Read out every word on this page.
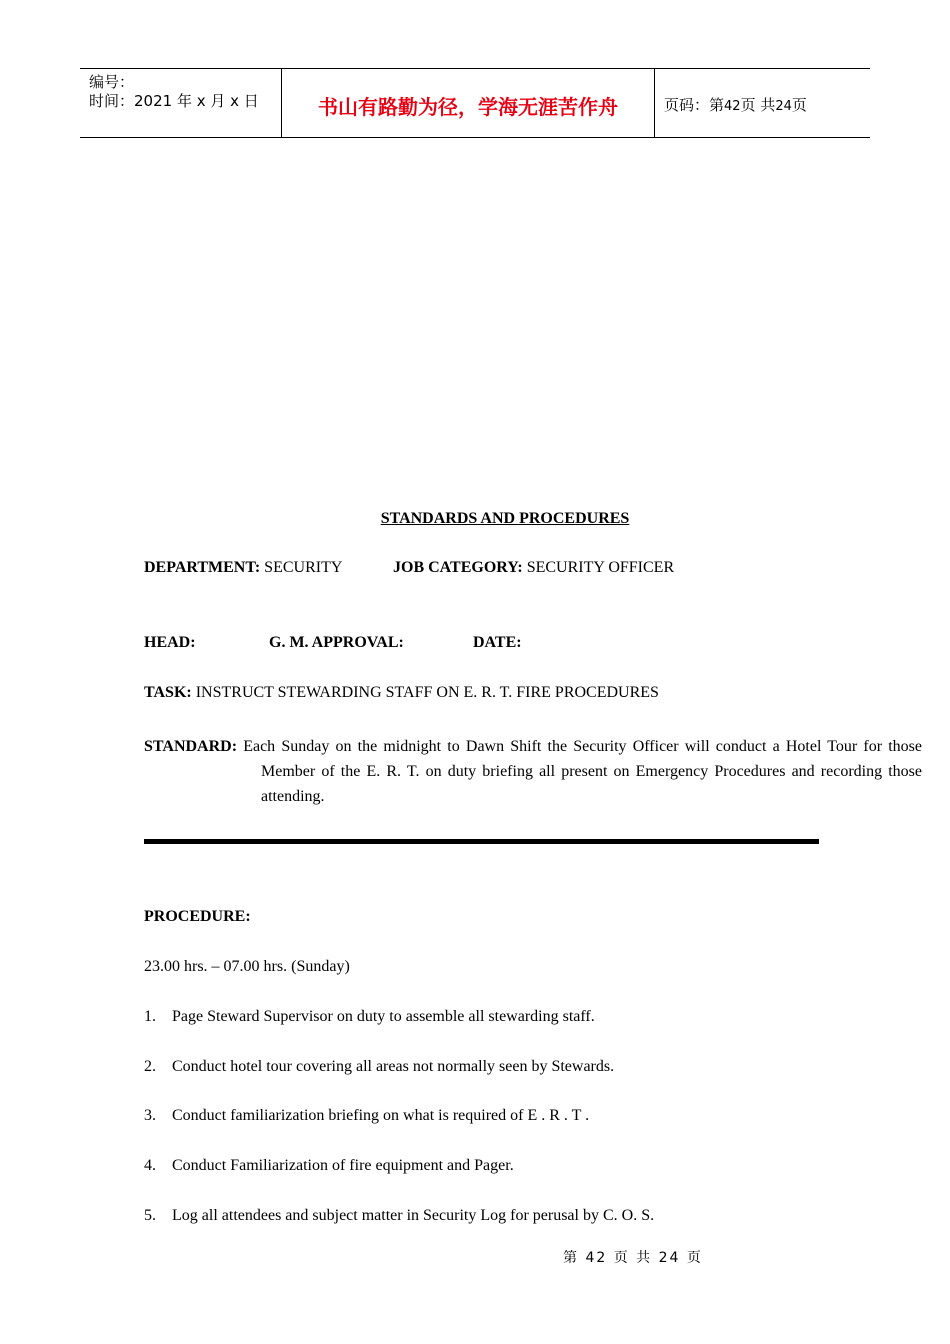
编号：
时间：2021 年 x 月 x 日	书山有路勤为径，学海无涯苦作舟	页码：第42页 共24页
STANDARDS AND PROCEDURES
DEPARTMENT: SECURITY	JOB CATEGORY: SECURITY OFFICER
HEAD:	G. M. APPROVAL:	DATE:
TASK: INSTRUCT STEWARDING STAFF ON E. R. T. FIRE PROCEDURES
STANDARD: Each Sunday on the midnight to Dawn Shift the Security Officer will conduct a Hotel Tour for those Member of the E. R. T. on duty briefing all present on Emergency Procedures and recording those attending.
PROCEDURE:
23.00 hrs. – 07.00 hrs. (Sunday)
1. Page Steward Supervisor on duty to assemble all stewarding staff.
2. Conduct hotel tour covering all areas not normally seen by Stewards.
3. Conduct familiarization briefing on what is required of E . R . T .
4. Conduct Familiarization of fire equipment and Pager.
5. Log all attendees and subject matter in Security Log for perusal by C. O. S.
第 42 页 共 24 页
